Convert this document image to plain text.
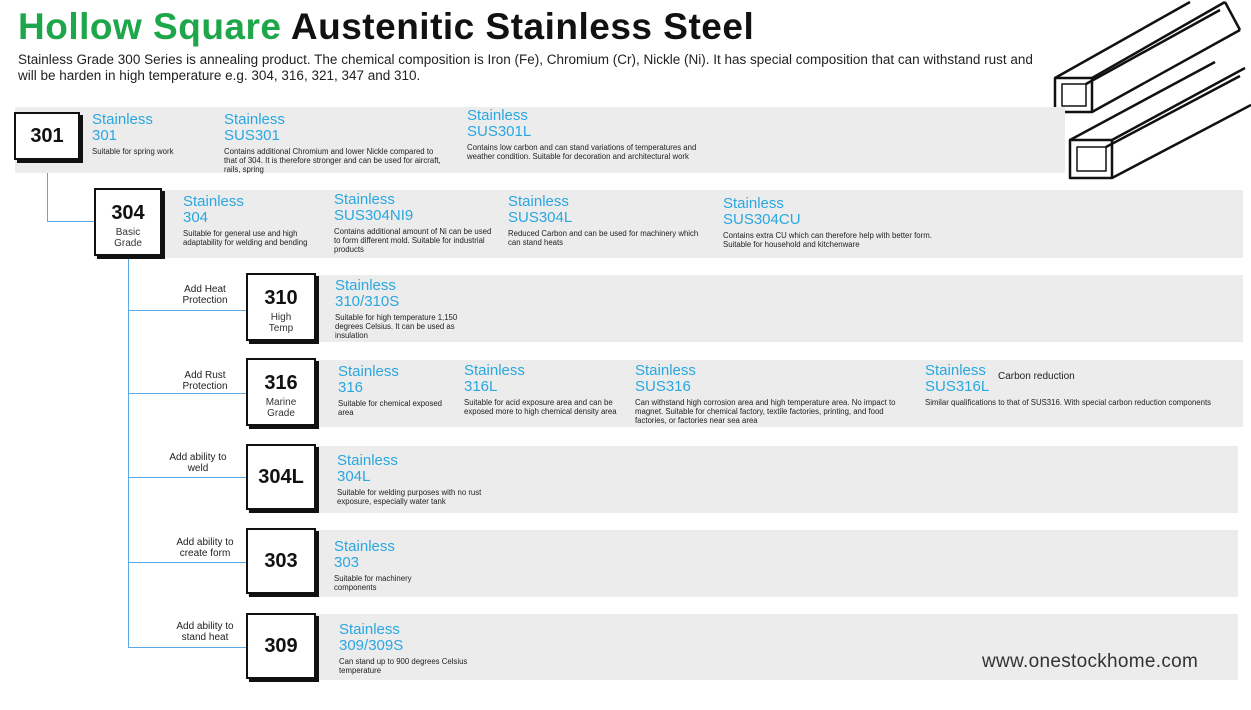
Hollow Square Austenitic Stainless Steel
Stainless Grade 300 Series is annealing product. The chemical composition is Iron (Fe), Chromium (Cr), Nickle (Ni). It has special composition that can withstand rust and will be harden in high temperature e.g. 304, 316, 321, 347 and 310.
301
304
Basic Grade
310
High Temp
316
Marine Grade
304L
303
309
Add Heat Protection
Add Rust Protection
Add ability to weld
Add ability to create form
Add ability to stand heat
Stainless
301
Suitable for spring work
Stainless
SUS301
Contains additional Chromium and lower Nickle compared to that of 304. It is therefore stronger and can be used for aircraft, rails, spring
Stainless
SUS301L
Contains low carbon and can stand variations of temperatures and weather condition. Suitable for decoration and architectural work
Stainless
304
Suitable for general use and high adaptability for welding and bending
Stainless
SUS304NI9
Contains additional amount of Ni can be used to form different mold. Suitable for industrial products
Stainless
SUS304L
Reduced Carbon and can be used for machinery which can stand heats
Stainless
SUS304CU
Contains extra CU which can therefore help with better form. Suitable for household and kitchenware
Stainless
310/310S
Suitable for high temperature 1,150 degrees Celsius. It can be used as insulation
Stainless
316
Suitable for chemical exposed area
Stainless
316L
Suitable for acid exposure area and can be exposed more to high chemical density area
Stainless
SUS316
Can withstand high corrosion area and high temperature area. No impact to magnet. Suitable for chemical factory, textile factories, printing, and food factories, or factories near sea area
Stainless
SUS316L
Similar qualifications to that of SUS316. With special carbon reduction components
Carbon reduction
Stainless
304L
Suitable for welding purposes with no rust exposure, especially water tank
Stainless
303
Suitable for machinery components
Stainless
309/309S
Can stand up to 900 degrees Celsius temperature	www.onestockhome.com
